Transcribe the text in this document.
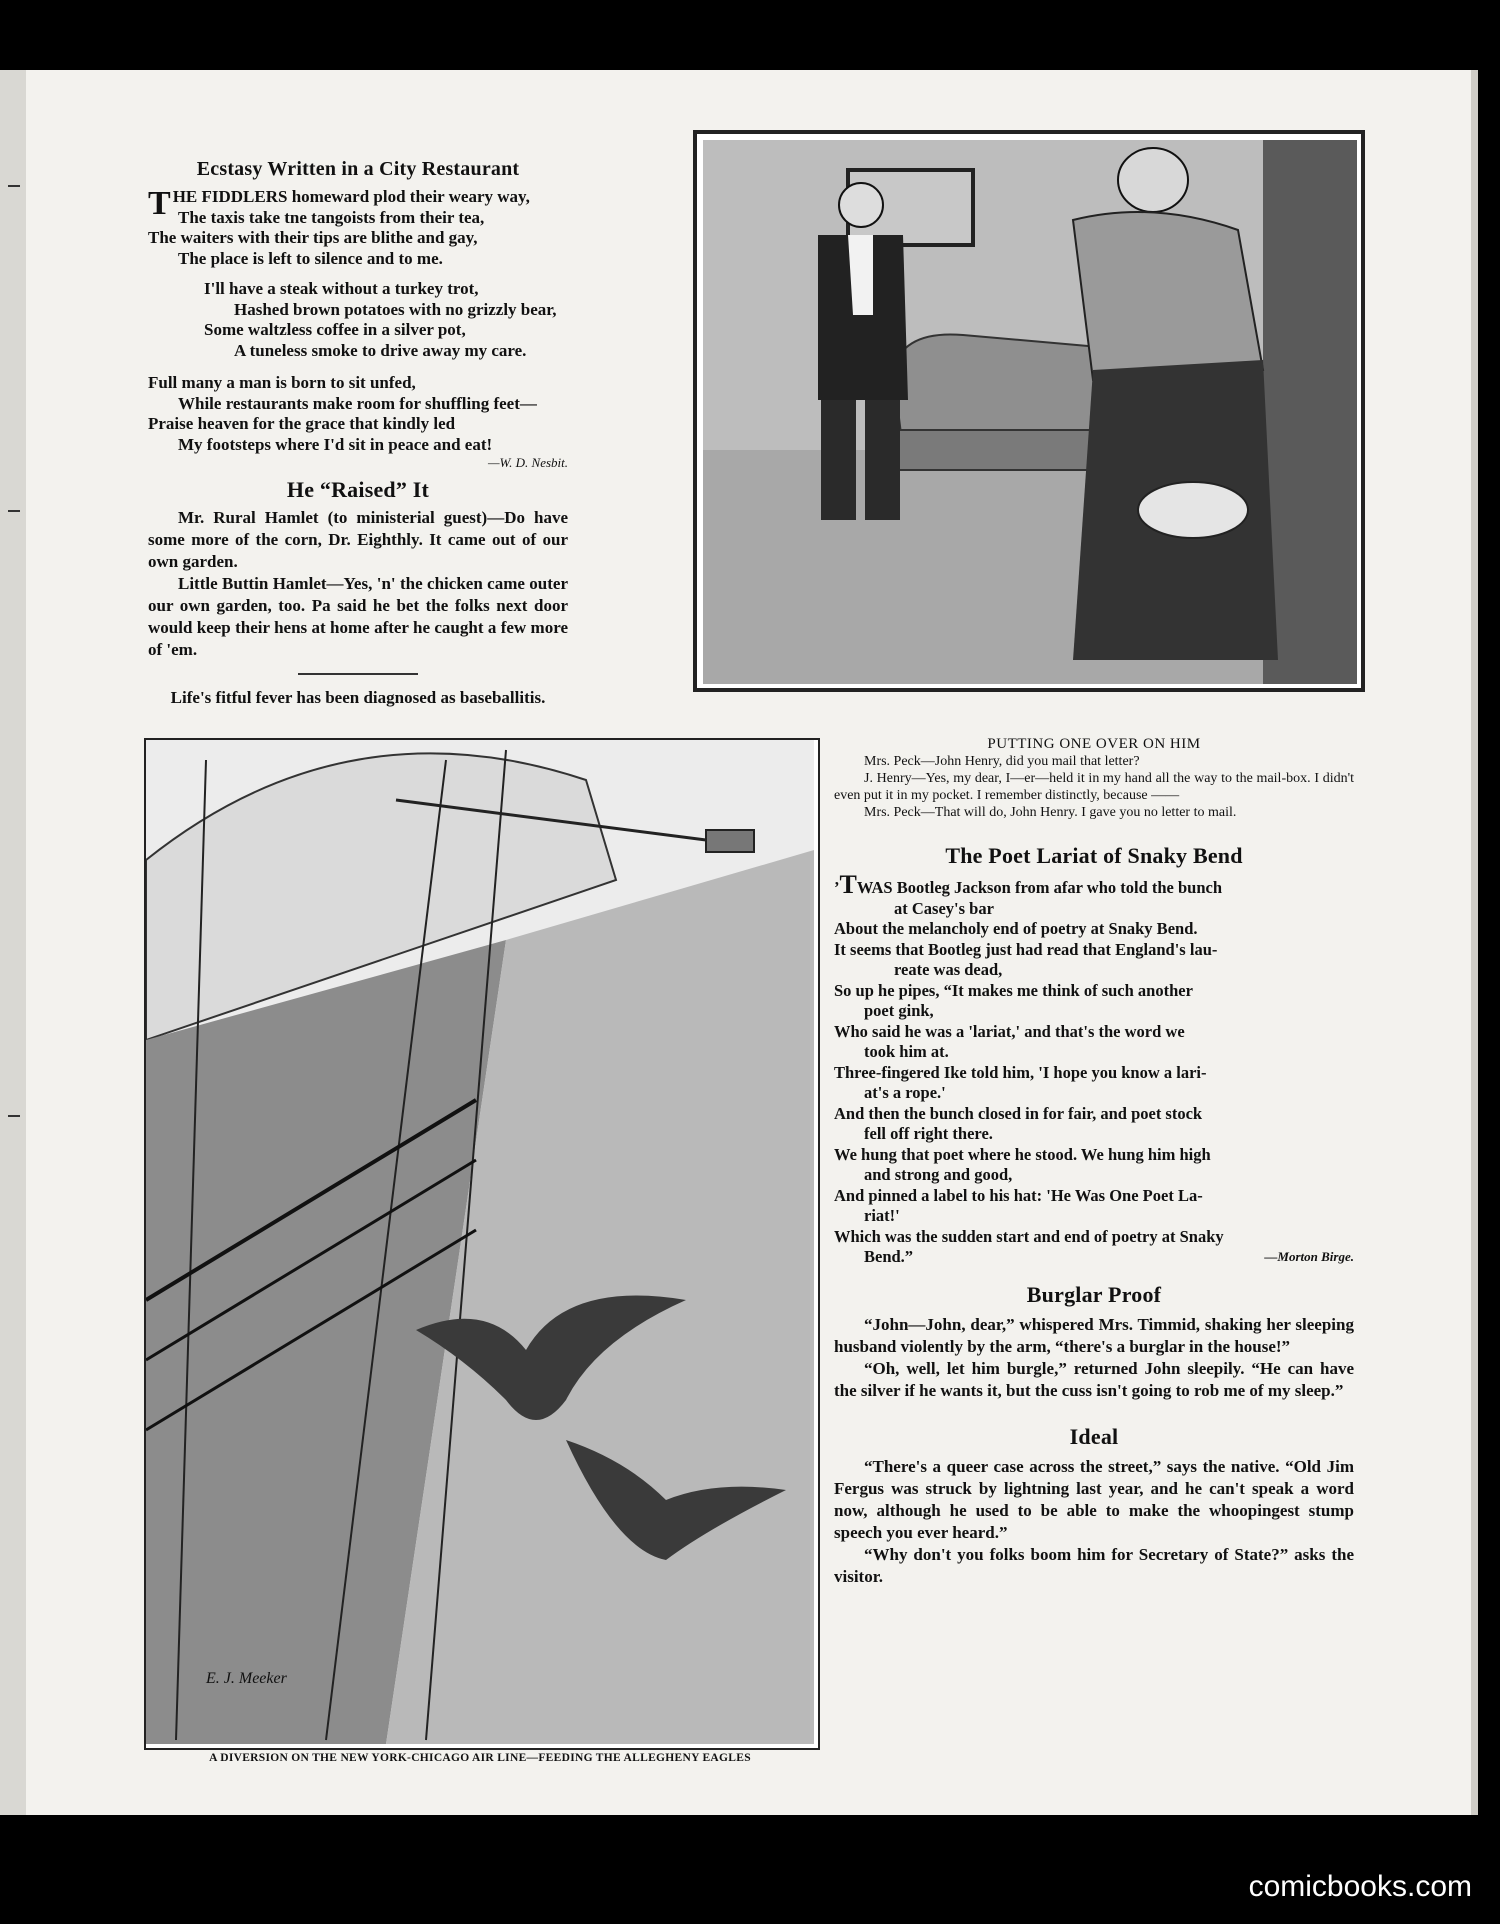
Ecstasy Written in a City Restaurant
T HE FIDDLERS homeward plod their weary way,
The taxis take tne tangoists from their tea,
The waiters with their tips are blithe and gay,
The place is left to silence and to me.
I'll have a steak without a turkey trot,
Hashed brown potatoes with no grizzly bear,
Some waltzless coffee in a silver pot,
A tuneless smoke to drive away my care.
Full many a man is born to sit unfed,
While restaurants make room for shuffling feet—
Praise heaven for the grace that kindly led
My footsteps where I'd sit in peace and eat!
—W. D. Nesbit.
He “Raised” It

Mr. Rural Hamlet (to ministerial guest)—Do have some more of the corn, Dr. Eighthly. It came out of our own garden.

Little Buttin Hamlet—Yes, 'n' the chicken came outer our own garden, too. Pa said he bet the folks next door would keep their hens at home after he caught a few more of 'em.

Life's fitful fever has been diagnosed as baseballitis.

E. J. Meeker
A DIVERSION ON THE NEW YORK-CHICAGO AIR LINE—FEEDING THE ALLEGHENY EAGLES
PUTTING ONE OVER ON HIM

Mrs. Peck—John Henry, did you mail that letter?

J. Henry—Yes, my dear, I—er—held it in my hand all the way to the mail-box. I didn't even put it in my pocket. I remember distinctly, because ——

Mrs. Peck—That will do, John Henry. I gave you no letter to mail.

The Poet Lariat of Snaky Bend
’TWAS Bootleg Jackson from afar who told the bunch
at Casey's bar
About the melancholy end of poetry at Snaky Bend.
It seems that Bootleg just had read that England's lau-
reate was dead,
So up he pipes, “It makes me think of such another
poet gink,
Who said he was a 'lariat,' and that's the word we
took him at.
Three-fingered Ike told him, 'I hope you know a lari-
at's a rope.'
And then the bunch closed in for fair, and poet stock
fell off right there.
We hung that poet where he stood. We hung him high
and strong and good,
And pinned a label to his hat: 'He Was One Poet La-
riat!'
Which was the sudden start and end of poetry at Snaky
Bend.”	—Morton Birge.
Burglar Proof

“John—John, dear,” whispered Mrs. Timmid, shaking her sleeping husband violently by the arm, “there's a burglar in the house!”

“Oh, well, let him burgle,” returned John sleepily. “He can have the silver if he wants it, but the cuss isn't going to rob me of my sleep.”

Ideal

“There's a queer case across the street,” says the native. “Old Jim Fergus was struck by lightning last year, and he can't speak a word now, although he used to be able to make the whoopingest stump speech you ever heard.”

“Why don't you folks boom him for Secretary of State?” asks the visitor.

comicbooks.com
